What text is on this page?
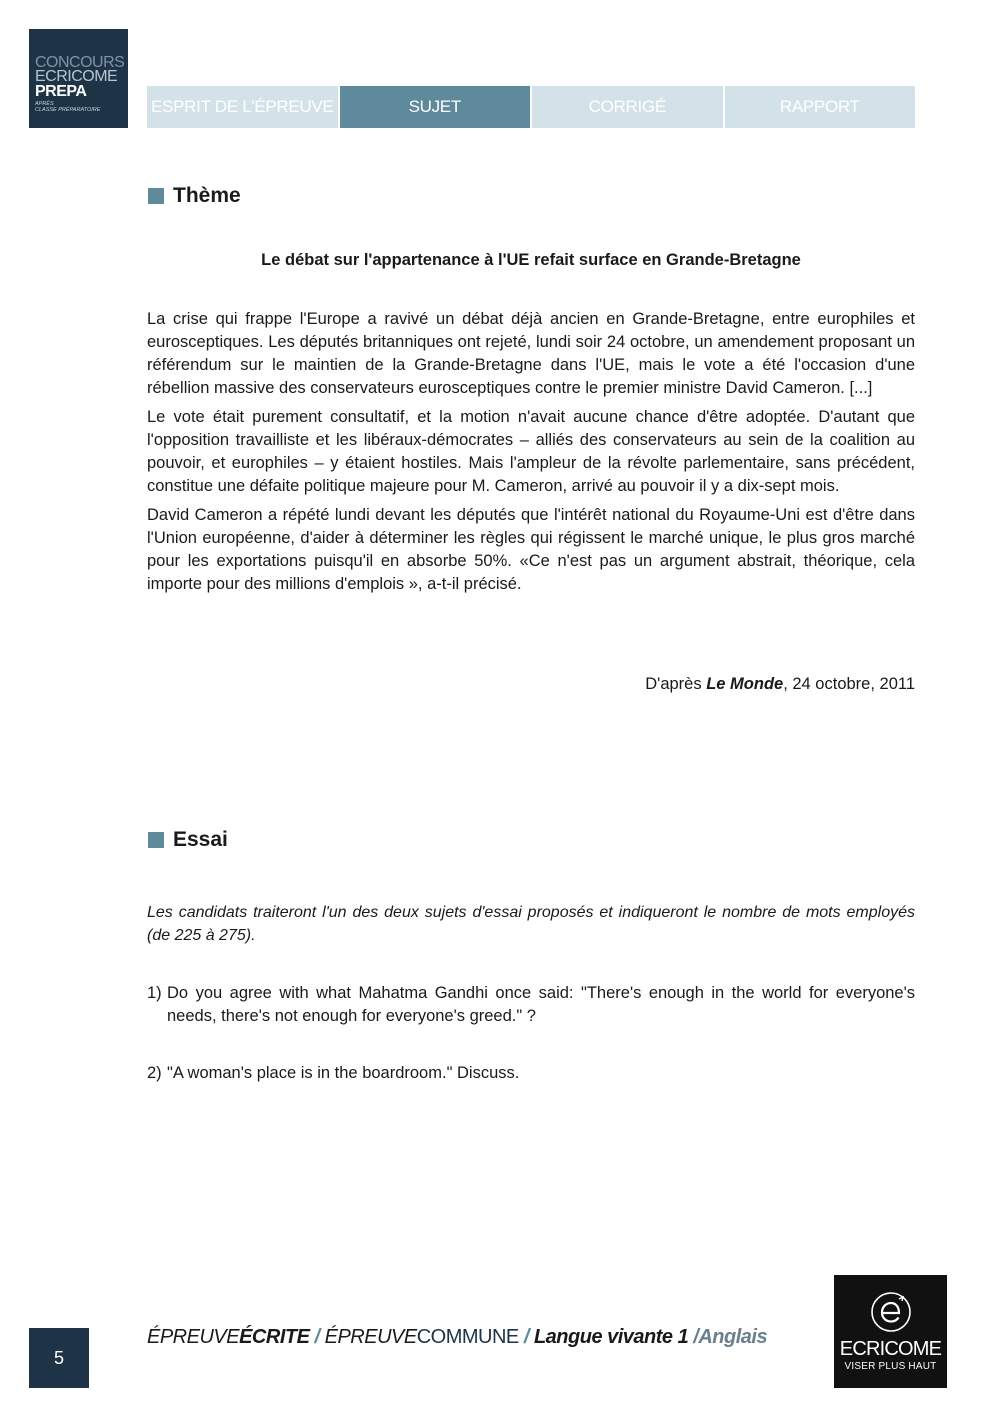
CONCOURS
ECRICOME
PREPA
APRÈS
CLASSE PRÉPARATOIRE	ESPRIT DE L'ÉPREUVE	SUJET	CORRIGÉ	RAPPORT
Thème
Le débat sur l'appartenance à l'UE refait surface en Grande-Bretagne

La crise qui frappe l'Europe a ravivé un débat déjà ancien en Grande-Bretagne, entre europhiles et eurosceptiques. Les députés britanniques ont rejeté, lundi soir 24 octobre, un amendement proposant un référendum sur le maintien de la Grande-Bretagne dans l'UE, mais le vote a été l'occasion d'une rébellion massive des conservateurs eurosceptiques contre le premier ministre David Cameron. [...]

Le vote était purement consultatif, et la motion n'avait aucune chance d'être adoptée. D'autant que l'opposition travailliste et les libéraux-démocrates – alliés des conservateurs au sein de la coalition au pouvoir, et europhiles – y étaient hostiles. Mais l'ampleur de la révolte parlementaire, sans précédent, constitue une défaite politique majeure pour M. Cameron, arrivé au pouvoir il y a dix-sept mois.

David Cameron a répété lundi devant les députés que l'intérêt national du Royaume-Uni est d'être dans l'Union européenne, d'aider à déterminer les règles qui régissent le marché unique, le plus gros marché pour les exportations puisqu'il en absorbe 50%. «Ce n'est pas un argument abstrait, théorique, cela importe pour des millions d'emplois », a-t-il précisé.

D'après Le Monde, 24 octobre, 2011
Essai
Les candidats traiteront l'un des deux sujets d'essai proposés et indiqueront le nombre de mots employés (de 225 à 275).
1) Do you agree with what Mahatma Gandhi once said: "There's enough in the world for everyone's needs, there's not enough for everyone's greed." ?
2) "A woman's place is in the boardroom." Discuss.
5
ÉPREUVEÉCRITE / ÉPREUVECOMMUNE / Langue vivante 1 /Anglais
ECRICOME
VISER PLUS HAUT
